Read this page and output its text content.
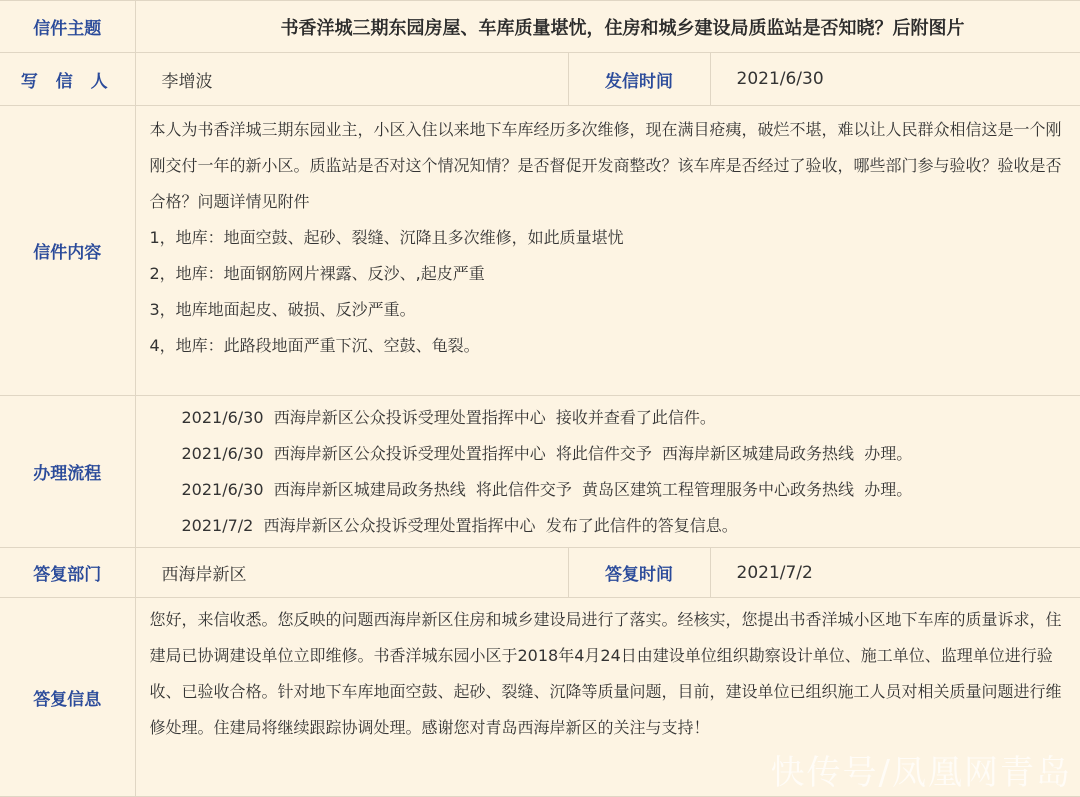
信件主题	书香洋城三期东园房屋、车库质量堪忧，住房和城乡建设局质监站是否知晓？后附图片		
写 信 人	李增波	发信时间	2021/6/30
信件内容	本人为书香洋城三期东园业主，小区入住以来地下车库经历多次维修，现在满目疮痍，破烂不堪，难以让人民群众相信这是一个刚刚交付一年的新小区。质监站是否对这个情况知情？是否督促开发商整改？该车库是否经过了验收，哪些部门参与验收？验收是否合格？问题详情见附件
1，地库：地面空鼓、起砂、裂缝、沉降且多次维修，如此质量堪忧
2，地库：地面钢筋网片裸露、反沙、,起皮严重
3，地库地面起皮、破损、反沙严重。
4，地库：此路段地面严重下沉、空鼓、龟裂。		

办理流程	2021/6/30  西海岸新区公众投诉受理处置指挥中心  接收并查看了此信件。
2021/6/30  西海岸新区公众投诉受理处置指挥中心  将此信件交予  西海岸新区城建局政务热线  办理。
2021/6/30  西海岸新区城建局政务热线  将此信件交予  黄岛区建筑工程管理服务中心政务热线  办理。
2021/7/2  西海岸新区公众投诉受理处置指挥中心  发布了此信件的答复信息。		

答复部门	西海岸新区	答复时间	2021/7/2
答复信息	您好，来信收悉。您反映的问题西海岸新区住房和城乡建设局进行了落实。经核实，您提出书香洋城小区地下车库的质量诉求，住建局已协调建设单位立即维修。书香洋城东园小区于2018年4月24日由建设单位组织勘察设计单位、施工单位、监理单位进行验收、已验收合格。针对地下车库地面空鼓、起砂、裂缝、沉降等质量问题，目前，建设单位已组织施工人员对相关质量问题进行维修处理。住建局将继续跟踪协调处理。感谢您对青岛西海岸新区的关注与支持！		
快传号/凤凰网青岛
